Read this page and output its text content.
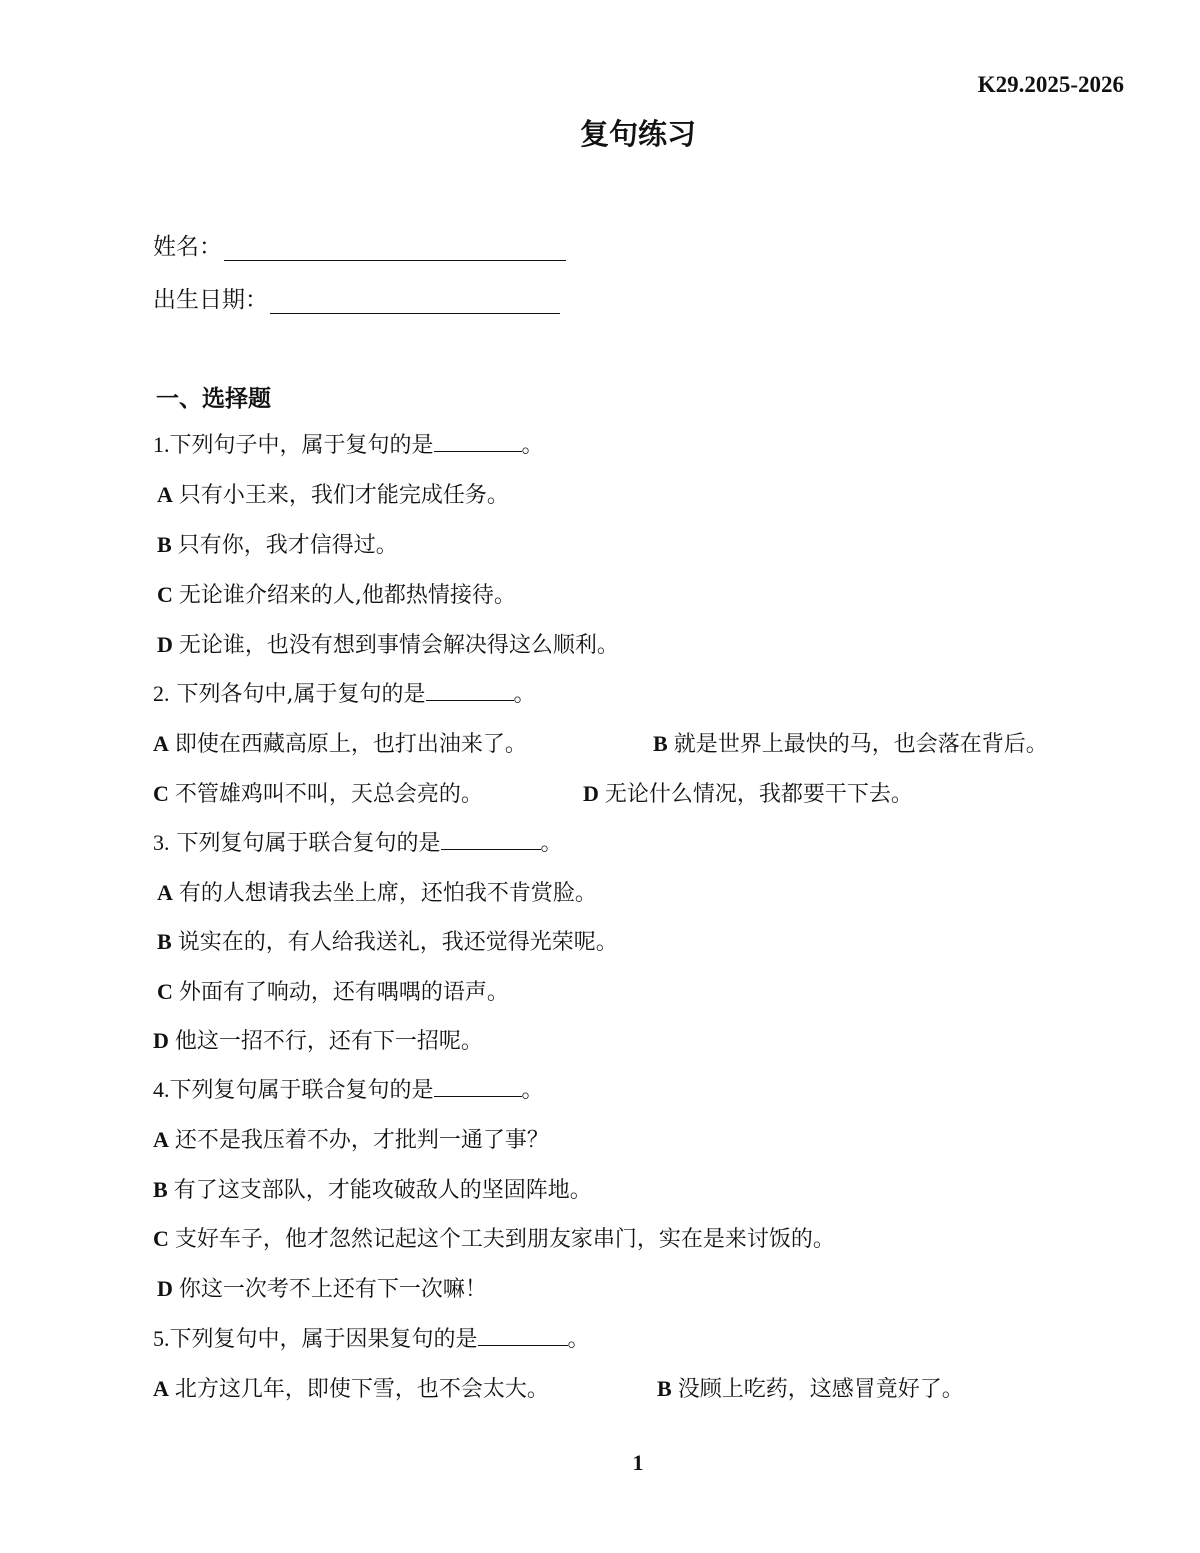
K29.2025-2026
复句练习
姓名：
出生日期：
一、选择题
1.下列句子中，属于复句的是	。
A 只有小王来，我们才能完成任务。
B 只有你，我才信得过。
C 无论谁介绍来的人,他都热情接待。
D 无论谁，也没有想到事情会解决得这么顺利。
2. 下列各句中,属于复句的是	。
A 即使在西藏高原上，也打出油来了。	B 就是世界上最快的马，也会落在背后。
C 不管雄鸡叫不叫，天总会亮的。	D 无论什么情况，我都要干下去。
3. 下列复句属于联合复句的是	。
A 有的人想请我去坐上席，还怕我不肯赏脸。
B 说实在的，有人给我送礼，我还觉得光荣呢。
C 外面有了响动，还有喁喁的语声。
D 他这一招不行，还有下一招呢。
4.下列复句属于联合复句的是	。
A 还不是我压着不办，才批判一通了事？
B 有了这支部队，才能攻破敌人的坚固阵地。
C 支好车子，他才忽然记起这个工夫到朋友家串门，实在是来讨饭的。
D 你这一次考不上还有下一次嘛！
5.下列复句中，属于因果复句的是	。
A 北方这几年，即使下雪，也不会太大。	B 没顾上吃药，这感冒竟好了。
1
